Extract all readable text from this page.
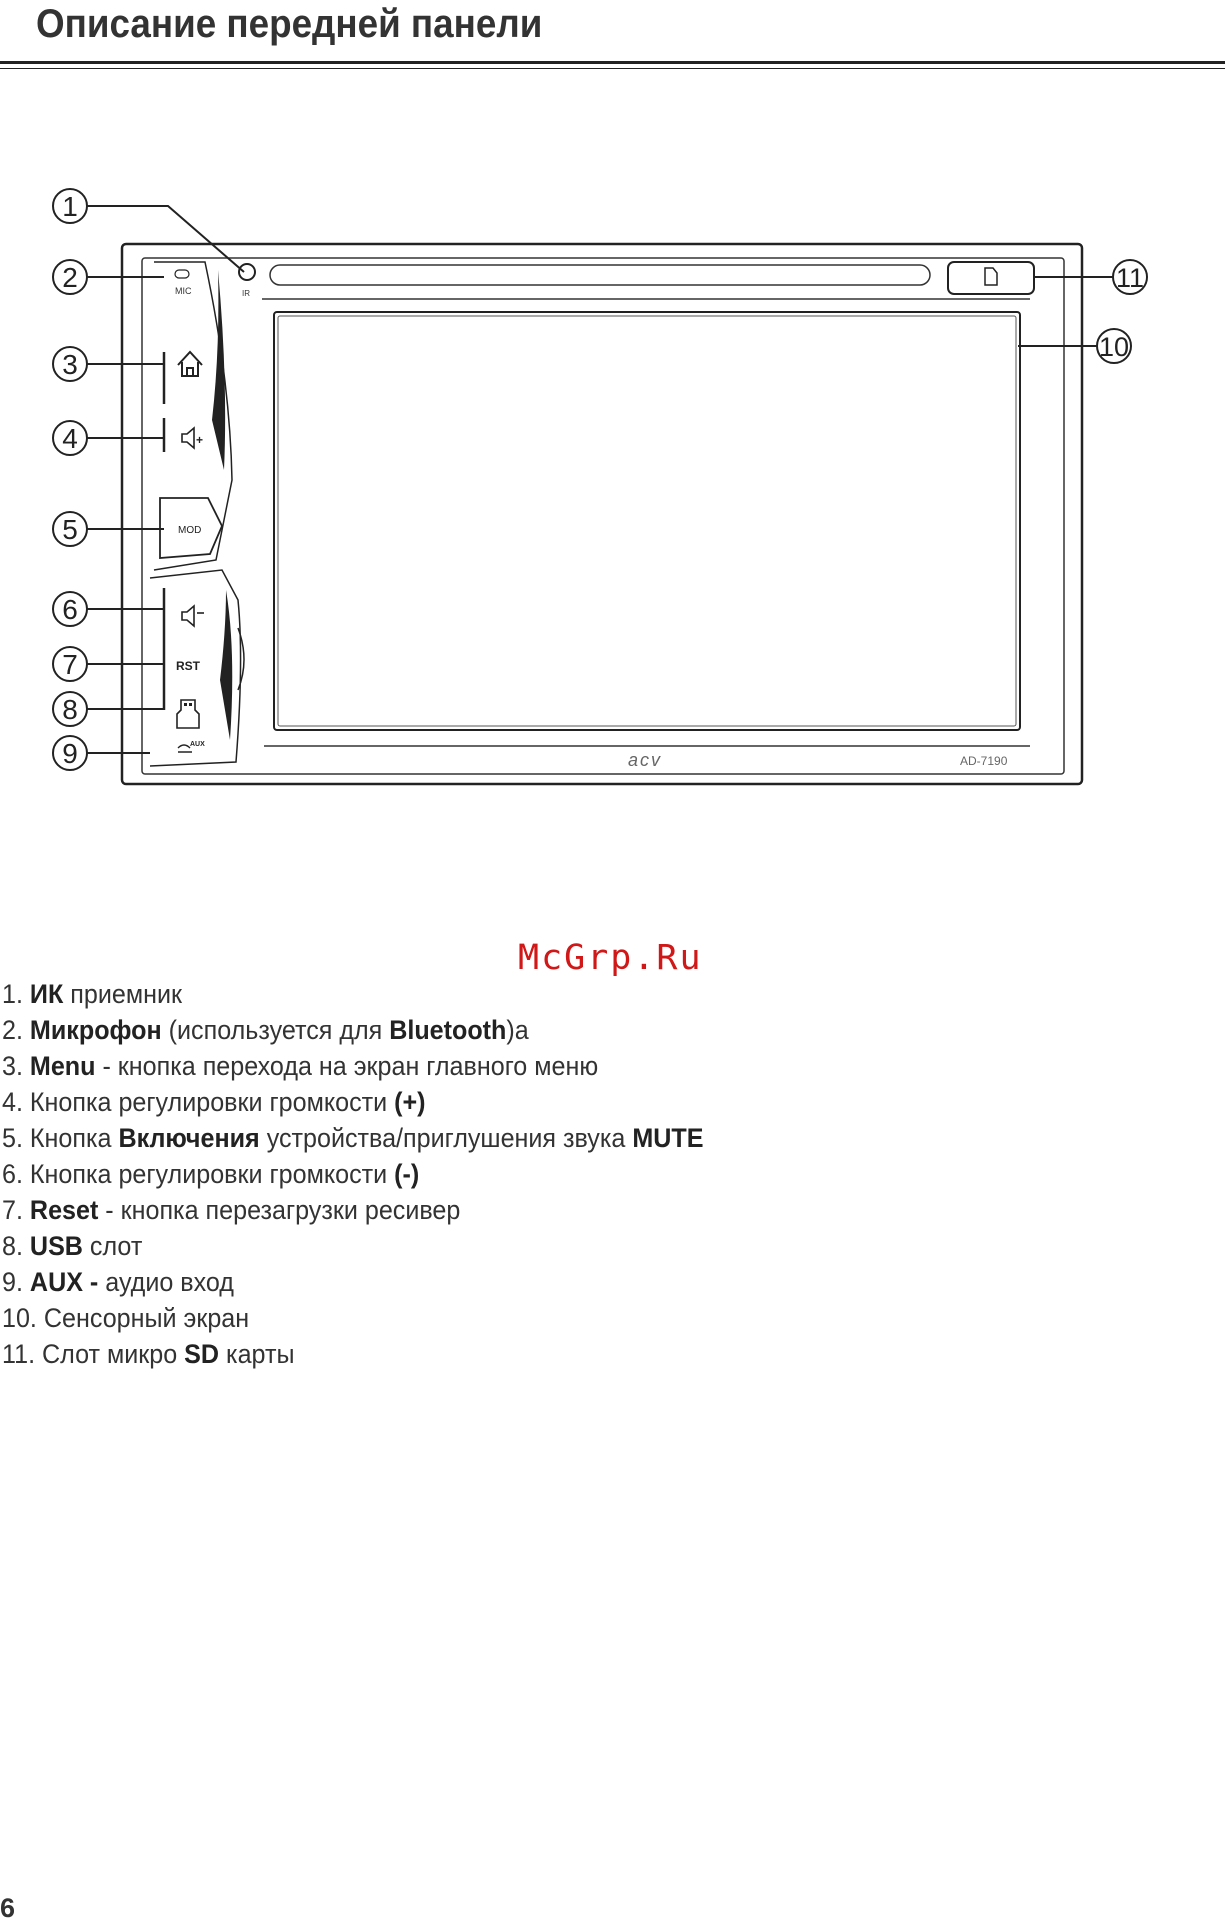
Описание передней панели
acv	AD-7190
MIC	IR
+
MOD
RST
AUX
1
2
3
4
5
6
7
8
9
10
11
McGrp.Ru
1. ИК приемник
2. Микрофон (используется для Bluetooth)а
3. Menu - кнопка перехода на экран главного меню
4. Кнопка регулировки громкости (+)
5. Кнопка Включения устройства/приглушения звука MUTE
6. Кнопка регулировки громкости (-)
7. Reset - кнопка перезагрузки ресивер
8. USB слот
9. AUX - аудио вход
10. Сенсорный экран
11. Слот микро SD карты
6
